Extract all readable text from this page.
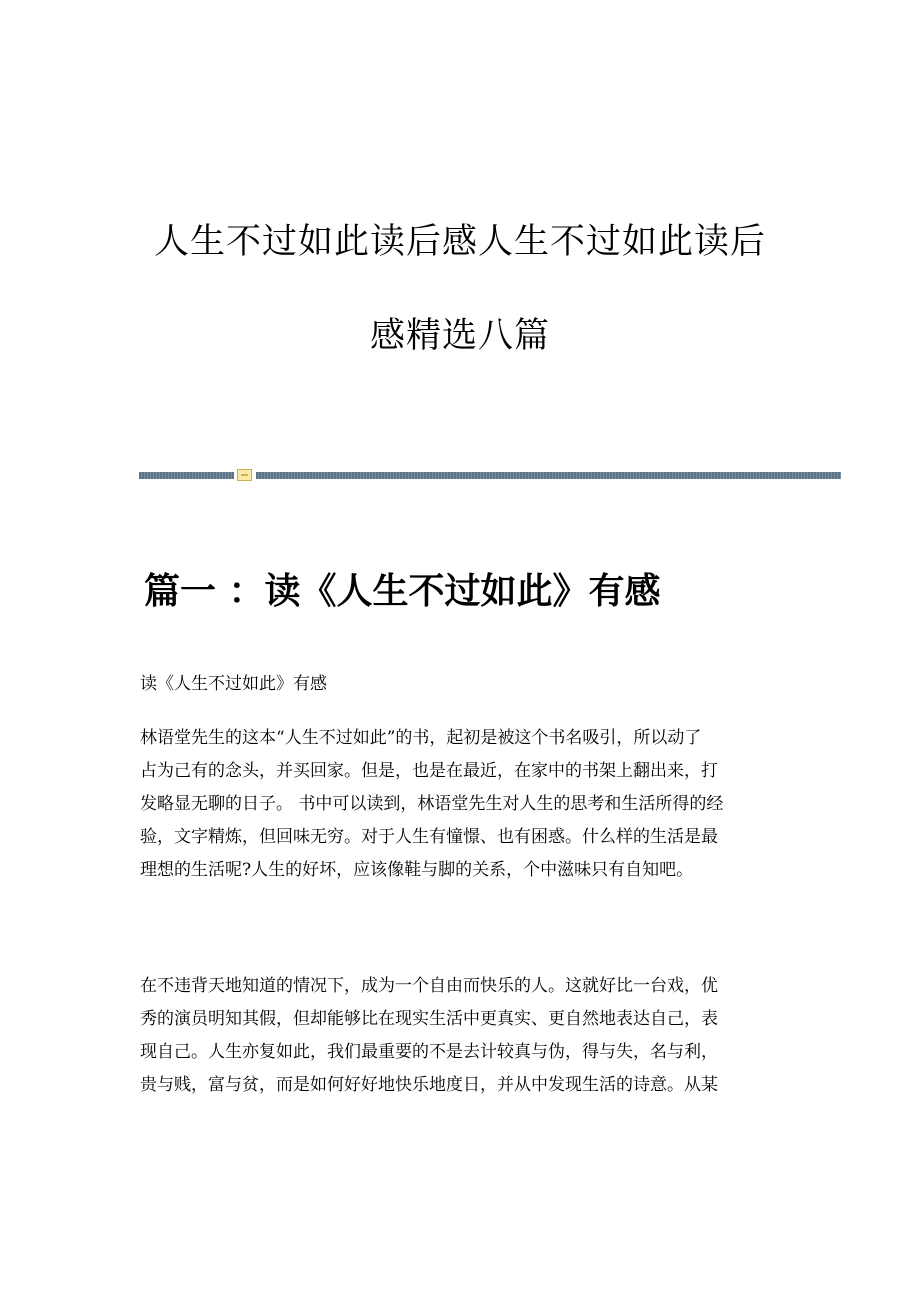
人生不过如此读后感人生不过如此读后
感精选八篇
篇一 ：读《人生不过如此》有感

读《人生不过如此》有感

林语堂先生的这本“人生不过如此”的书，起初是被这个书名吸引，所以动了
占为己有的念头，并买回家。但是，也是在最近，在家中的书架上翻出来，打
发略显无聊的日子。 书中可以读到，林语堂先生对人生的思考和生活所得的经
验，文字精炼，但回味无穷。对于人生有憧憬、也有困惑。什么样的生活是最
理想的生活呢?人生的好坏，应该像鞋与脚的关系，个中滋味只有自知吧。

在不违背天地知道的情况下，成为一个自由而快乐的人。这就好比一台戏，优
秀的演员明知其假，但却能够比在现实生活中更真实、更自然地表达自己，表
现自己。人生亦复如此，我们最重要的不是去计较真与伪，得与失，名与利，
贵与贱，富与贫，而是如何好好地快乐地度日，并从中发现生活的诗意。从某
